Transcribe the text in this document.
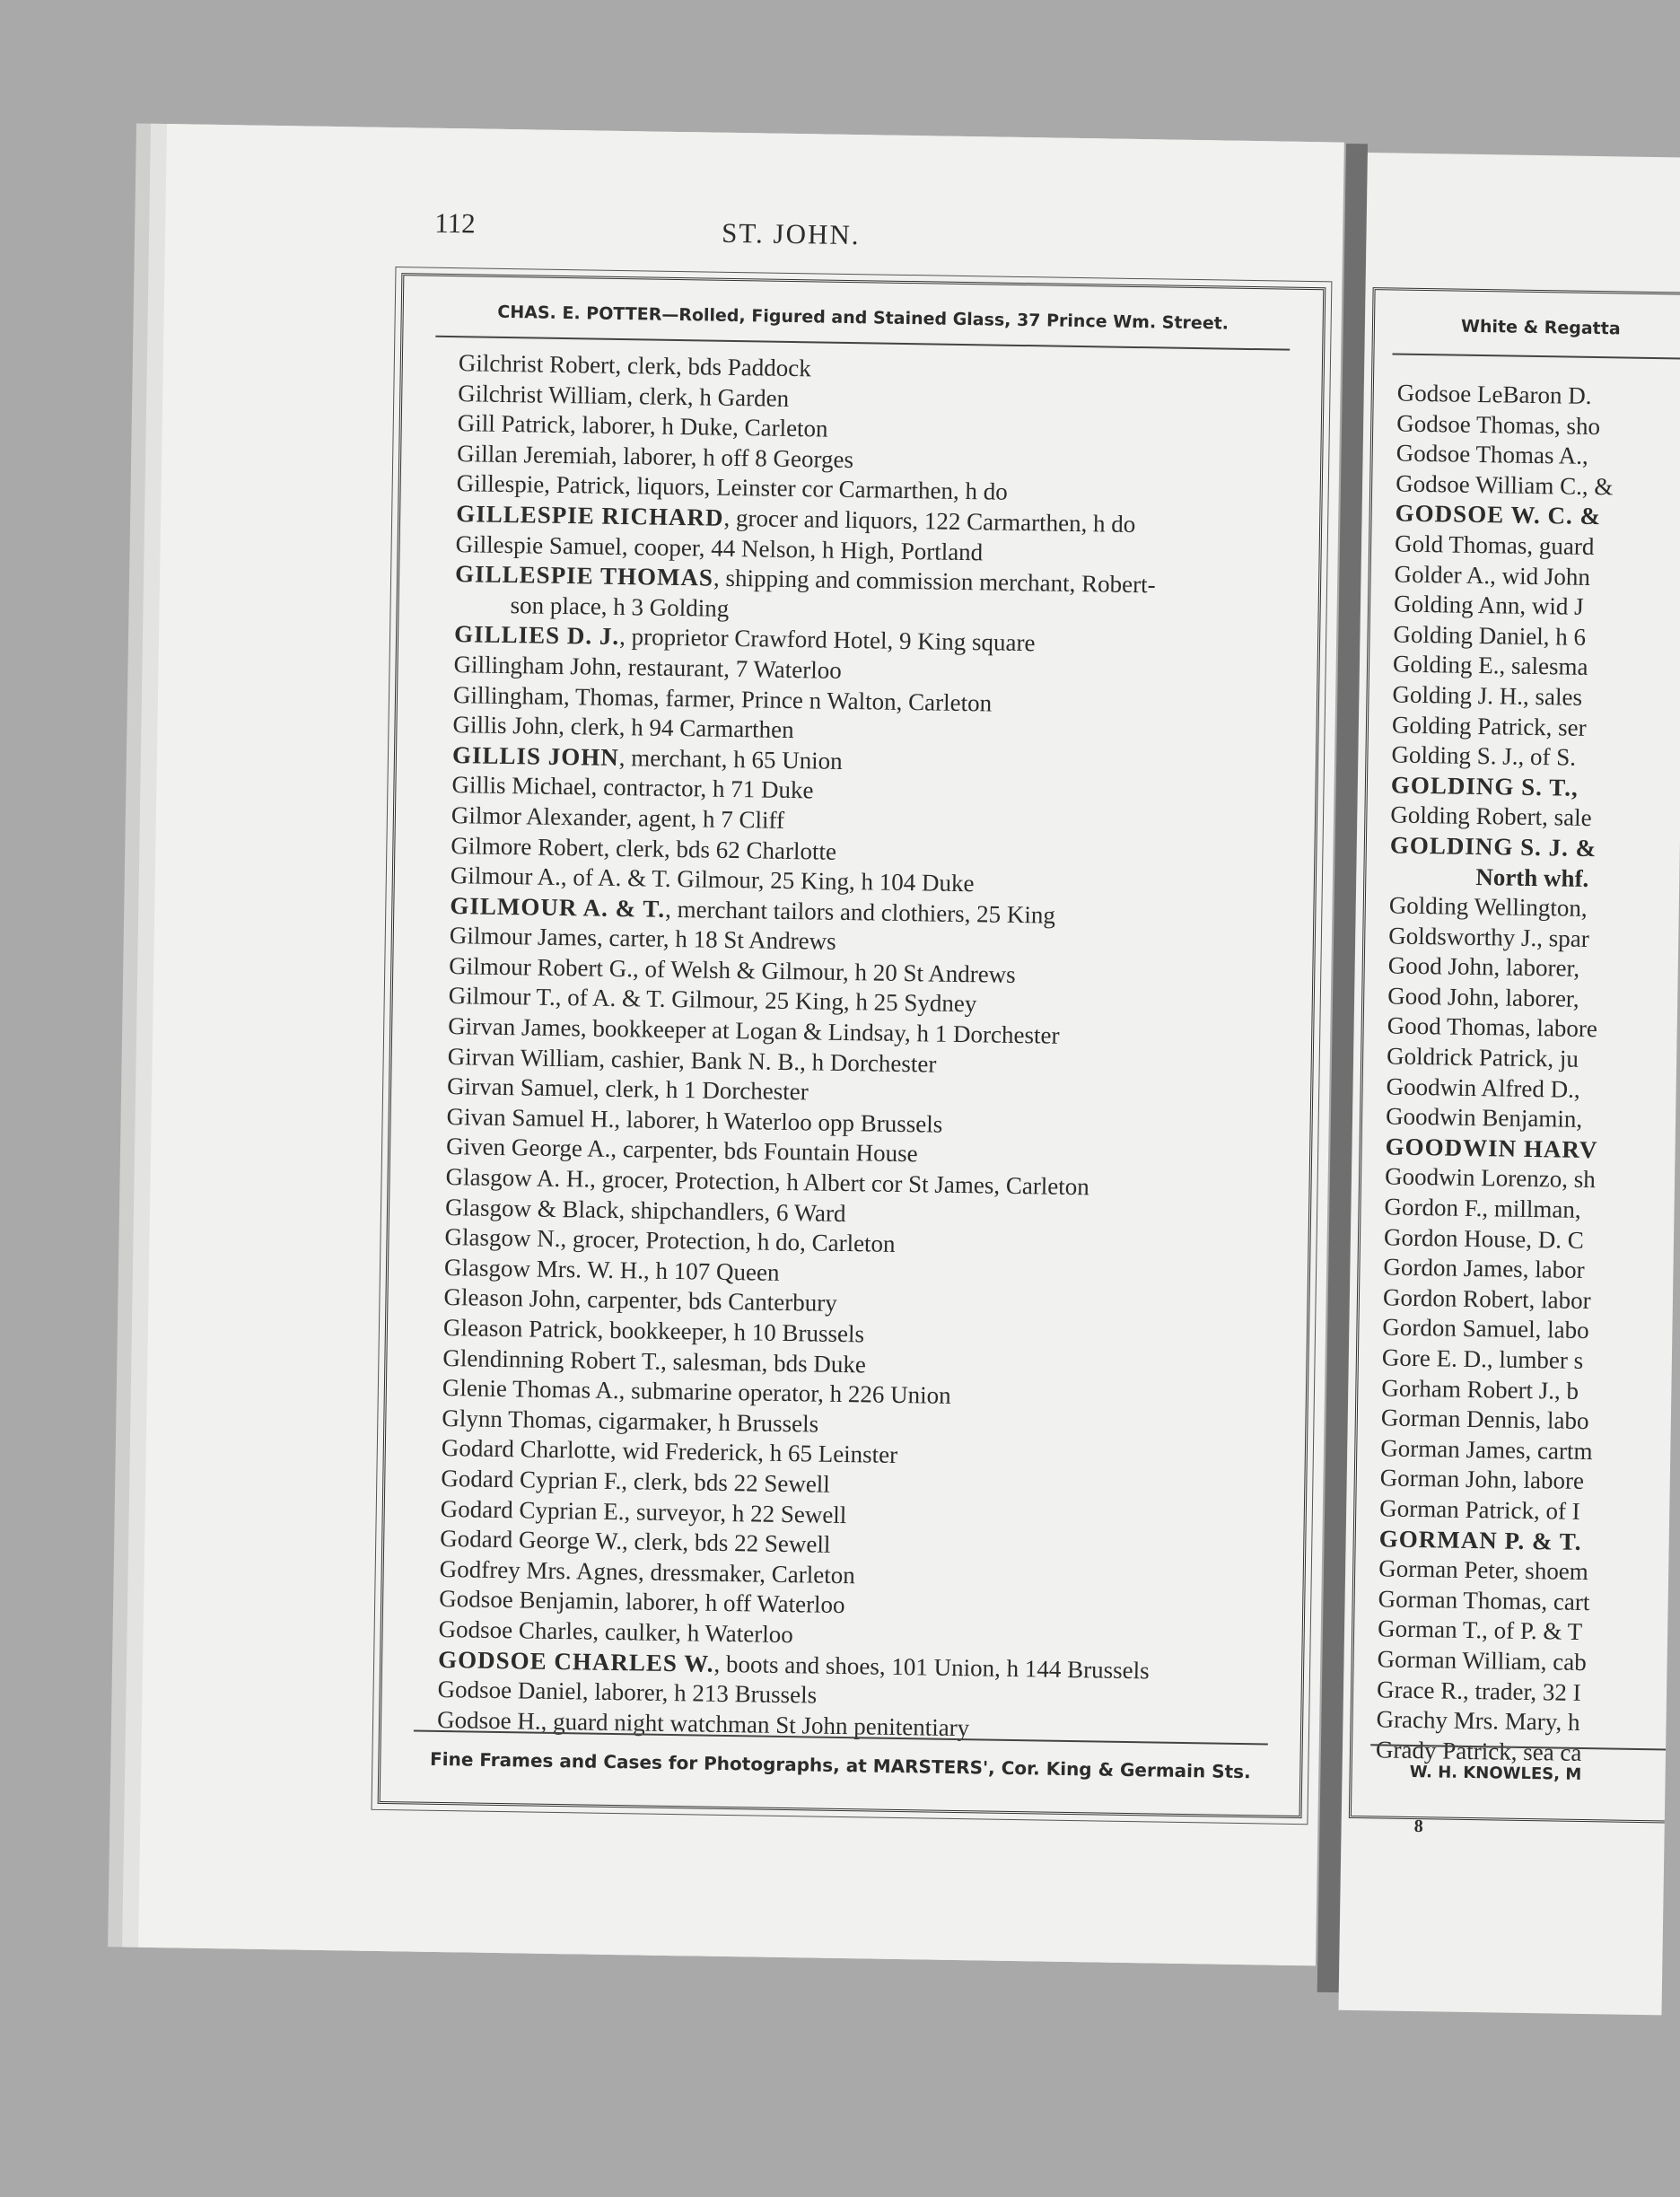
112	ST. JOHN.
CHAS. E. POTTER—Rolled, Figured and Stained Glass, 37 Prince Wm. Street.
Gilchrist Robert, clerk, bds Paddock
Gilchrist William, clerk, h Garden
Gill Patrick, laborer, h Duke, Carleton
Gillan Jeremiah, laborer, h off 8 Georges
Gillespie, Patrick, liquors, Leinster cor Carmarthen, h do
GILLESPIE RICHARD, grocer and liquors, 122 Carmarthen, h do
Gillespie Samuel, cooper, 44 Nelson, h High, Portland
GILLESPIE THOMAS, shipping and commission merchant, Robert-
son place, h 3 Golding
GILLIES D. J., proprietor Crawford Hotel, 9 King square
Gillingham John, restaurant, 7 Waterloo
Gillingham, Thomas, farmer, Prince n Walton, Carleton
Gillis John, clerk, h 94 Carmarthen
GILLIS JOHN, merchant, h 65 Union
Gillis Michael, contractor, h 71 Duke
Gilmor Alexander, agent, h 7 Cliff
Gilmore Robert, clerk, bds 62 Charlotte
Gilmour A., of A. & T. Gilmour, 25 King, h 104 Duke
GILMOUR A. & T., merchant tailors and clothiers, 25 King
Gilmour James, carter, h 18 St Andrews
Gilmour Robert G., of Welsh & Gilmour, h 20 St Andrews
Gilmour T., of A. & T. Gilmour, 25 King, h 25 Sydney
Girvan James, bookkeeper at Logan & Lindsay, h 1 Dorchester
Girvan William, cashier, Bank N. B., h Dorchester
Girvan Samuel, clerk, h 1 Dorchester
Givan Samuel H., laborer, h Waterloo opp Brussels
Given George A., carpenter, bds Fountain House
Glasgow A. H., grocer, Protection, h Albert cor St James, Carleton
Glasgow & Black, shipchandlers, 6 Ward
Glasgow N., grocer, Protection, h do, Carleton
Glasgow Mrs. W. H., h 107 Queen
Gleason John, carpenter, bds Canterbury
Gleason Patrick, bookkeeper, h 10 Brussels
Glendinning Robert T., salesman, bds Duke
Glenie Thomas A., submarine operator, h 226 Union
Glynn Thomas, cigarmaker, h Brussels
Godard Charlotte, wid Frederick, h 65 Leinster
Godard Cyprian F., clerk, bds 22 Sewell
Godard Cyprian E., surveyor, h 22 Sewell
Godard George W., clerk, bds 22 Sewell
Godfrey Mrs. Agnes, dressmaker, Carleton
Godsoe Benjamin, laborer, h off Waterloo
Godsoe Charles, caulker, h Waterloo
GODSOE CHARLES W., boots and shoes, 101 Union, h 144 Brussels
Godsoe Daniel, laborer, h 213 Brussels
Godsoe H., guard night watchman St John penitentiary
Fine Frames and Cases for Photographs, at MARSTERS', Cor. King & Germain Sts.
White & Regatta
Godsoe LeBaron D.
Godsoe Thomas, sho
Godsoe Thomas A.,
Godsoe William C., &
GODSOE W. C. &
Gold Thomas, guard
Golder A., wid John
Golding Ann, wid J
Golding Daniel, h 6
Golding E., salesma
Golding J. H., sales
Golding Patrick, ser
Golding S. J., of S.
GOLDING S. T.,
Golding Robert, sale
GOLDING S. J. &
North whf.
Golding Wellington,
Goldsworthy J., spar
Good John, laborer,
Good John, laborer,
Good Thomas, labore
Goldrick Patrick, ju
Goodwin Alfred D.,
Goodwin Benjamin,
GOODWIN HARV
Goodwin Lorenzo, sh
Gordon F., millman,
Gordon House, D. C
Gordon James, labor
Gordon Robert, labor
Gordon Samuel, labo
Gore E. D., lumber s
Gorham Robert J., b
Gorman Dennis, labo
Gorman James, cartm
Gorman John, labore
Gorman Patrick, of I
GORMAN P. & T.
Gorman Peter, shoem
Gorman Thomas, cart
Gorman T., of P. & T
Gorman William, cab
Grace R., trader, 32 I
Grachy Mrs. Mary, h
Grady Patrick, sea ca
W. H. KNOWLES, M
8
